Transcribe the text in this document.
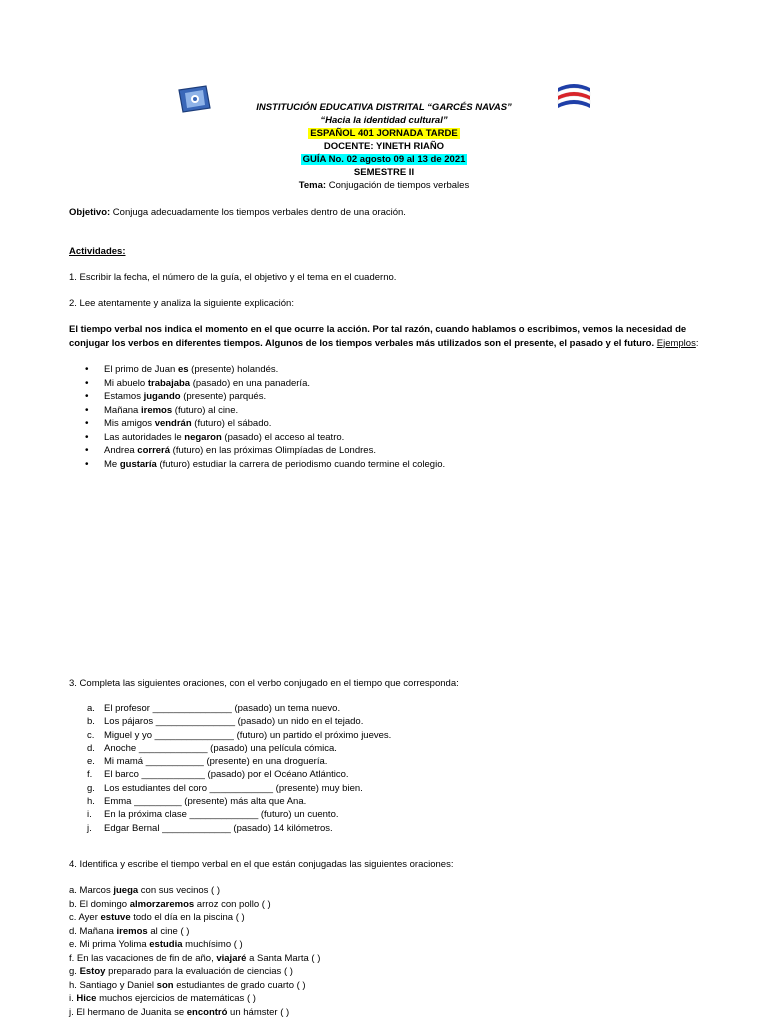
INSTITUCIÓN EDUCATIVA DISTRITAL “GARCÉS NAVAS”
“Hacia la identidad cultural”
ESPAÑOL 401 JORNADA TARDE
DOCENTE: YINETH RIAÑO
GUÍA No. 02 agosto 09 al 13 de 2021
SEMESTRE II
Tema: Conjugación de tiempos verbales
Objetivo: Conjuga adecuadamente los tiempos verbales dentro de una oración.
Actividades:
1. Escribir la fecha, el número de la guía, el objetivo y el tema en el cuaderno.
2. Lee atentamente y analiza la siguiente explicación:
El tiempo verbal nos indica el momento en el que ocurre la acción. Por tal razón, cuando hablamos o escribimos, vemos la necesidad de conjugar los verbos en diferentes tiempos. Algunos de los tiempos verbales más utilizados son el presente, el pasado y el futuro. Ejemplos:
• El primo de Juan es (presente) holandés.
• Mi abuelo trabajaba (pasado) en una panadería.
• Estamos jugando (presente) parqués.
• Mañana iremos (futuro) al cine.
• Mis amigos vendrán (futuro) el sábado.
• Las autoridades le negaron (pasado) el acceso al teatro.
• Andrea correrá (futuro) en las próximas Olimpíadas de Londres.
• Me gustaría (futuro) estudiar la carrera de periodismo cuando termine el colegio.
3. Completa las siguientes oraciones, con el verbo conjugado en el tiempo que corresponda:
a. El profesor _______________ (pasado) un tema nuevo.
b. Los pájaros _______________ (pasado) un nido en el tejado.
c. Miguel y yo _______________ (futuro) un partido el próximo jueves.
d. Anoche _____________ (pasado) una película cómica.
e. Mi mamá ___________ (presente) en una droguería.
f. El barco ____________ (pasado) por el Océano Atlántico.
g. Los estudiantes del coro ____________ (presente) muy bien.
h. Emma _________ (presente) más alta que Ana.
i. En la próxima clase _____________ (futuro) un cuento.
j. Edgar Bernal _____________ (pasado) 14 kilómetros.
4. Identifica y escribe el tiempo verbal en el que están conjugadas las siguientes oraciones:
a. Marcos juega con sus vecinos ( )
b. El domingo almorzaremos arroz con pollo ( )
c. Ayer estuve todo el día en la piscina ( )
d. Mañana iremos al cine ( )
e. Mi prima Yolima estudia muchísimo ( )
f. En las vacaciones de fin de año, viajaré a Santa Marta ( )
g. Estoy preparado para la evaluación de ciencias ( )
h. Santiago y Daniel son estudiantes de grado cuarto ( )
i. Hice muchos ejercicios de matemáticas ( )
j. El hermano de Juanita se encontró un hámster ( )
